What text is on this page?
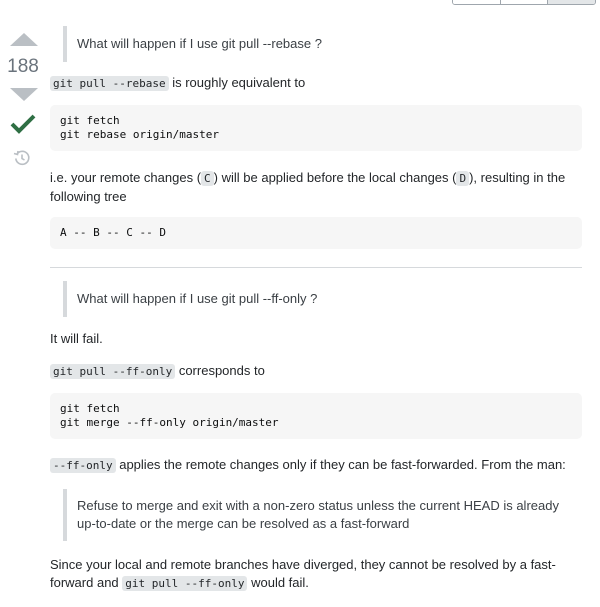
188
What will happen if I use git pull --rebase ?
git pull --rebase is roughly equivalent to
git fetch
git rebase origin/master
i.e. your remote changes ( C ) will be applied before the local changes ( D ), resulting in the following tree
A -- B -- C -- D
What will happen if I use git pull --ff-only ?
It will fail.
git pull --ff-only corresponds to
git fetch
git merge --ff-only origin/master
--ff-only applies the remote changes only if they can be fast-forwarded. From the man:
Refuse to merge and exit with a non-zero status unless the current HEAD is already up-to-date or the merge can be resolved as a fast-forward
Since your local and remote branches have diverged, they cannot be resolved by a fast-forward and git pull --ff-only would fail.
